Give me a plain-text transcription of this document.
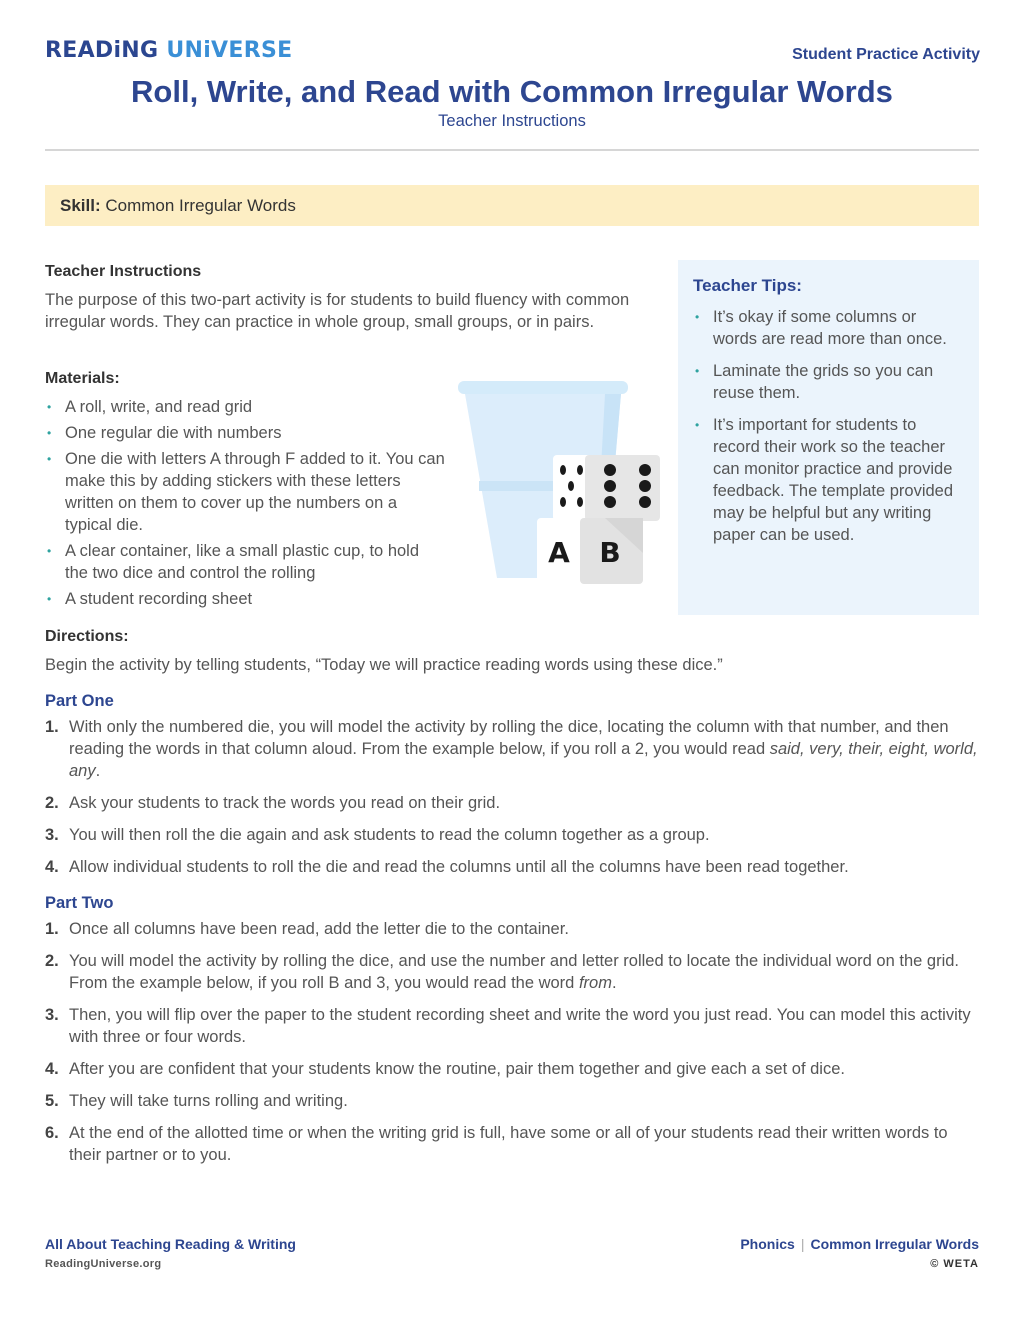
READiNG UNiVERSE	Student Practice Activity
Roll, Write, and Read with Common Irregular Words
Teacher Instructions
Skill: Common Irregular Words
Teacher Instructions

The purpose of this two-part activity is for students to build fluency with common irregular words. They can practice in whole group, small groups, or in pairs.

Materials:
• A roll, write, and read grid
• One regular die with numbers
• One die with letters A through F added to it. You can make this by adding stickers with these letters written on them to cover up the numbers on a typical die.
• A clear container, like a small plastic cup, to hold the two dice and control the rolling
• A student recording sheet
A B
Teacher Tips:
• It’s okay if some columns or words are read more than once.
• Laminate the grids so you can reuse them.
• It’s important for students to record their work so the teacher can monitor practice and provide feedback. The template provided may be helpful but any writing paper can be used.
Directions:

Begin the activity by telling students, “Today we will practice reading words using these dice.”

Part One
1. With only the numbered die, you will model the activity by rolling the dice, locating the column with that number, and then reading the words in that column aloud. From the example below, if you roll a 2, you would read said, very, their, eight, world, any.
2. Ask your students to track the words you read on their grid.
3. You will then roll the die again and ask students to read the column together as a group.
4. Allow individual students to roll the die and read the columns until all the columns have been read together.
Part Two
1. Once all columns have been read, add the letter die to the container.
2. You will model the activity by rolling the dice, and use the number and letter rolled to locate the individual word on the grid. From the example below, if you roll B and 3, you would read the word from.
3. Then, you will flip over the paper to the student recording sheet and write the word you just read. You can model this activity with three or four words.
4. After you are confident that your students know the routine, pair them together and give each a set of dice.
5. They will take turns rolling and writing.
6. At the end of the allotted time or when the writing grid is full, have some or all of your students read their written words to their partner or to you.
All About Teaching Reading & Writing
ReadingUniverse.org
Phonics | Common Irregular Words
© WETA
